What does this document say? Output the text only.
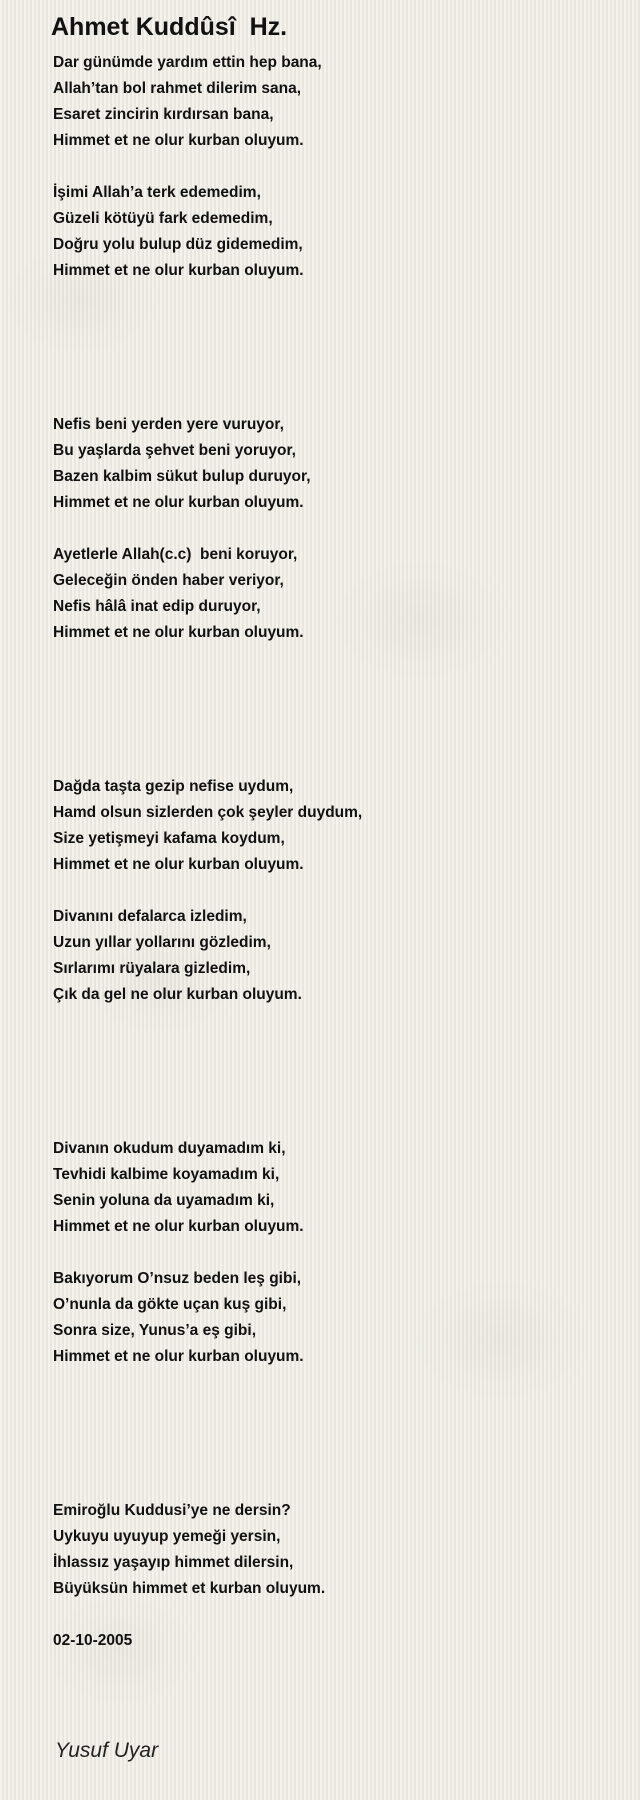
Ahmet Kuddûsî  Hz.
Dar günümde yardım ettin hep bana,
Allah’tan bol rahmet dilerim sana,
Esaret zincirin kırdırsan bana,
Himmet et ne olur kurban oluyum.
İşimi Allah’a terk edemedim,
Güzeli kötüyü fark edemedim,
Doğru yolu bulup düz gidemedim,
Himmet et ne olur kurban oluyum.
Nefis beni yerden yere vuruyor,
Bu yaşlarda şehvet beni yoruyor,
Bazen kalbim sükut bulup duruyor,
Himmet et ne olur kurban oluyum.
Ayetlerle Allah(c.c)  beni koruyor,
Geleceğin önden haber veriyor,
Nefis hâlâ inat edip duruyor,
Himmet et ne olur kurban oluyum.
Dağda taşta gezip nefise uydum,
Hamd olsun sizlerden çok şeyler duydum,
Size yetişmeyi kafama koydum,
Himmet et ne olur kurban oluyum.
Divanını defalarca izledim,
Uzun yıllar yollarını gözledim,
Sırlarımı rüyalara gizledim,
Çık da gel ne olur kurban oluyum.
Divanın okudum duyamadım ki,
Tevhidi kalbime koyamadım ki,
Senin yoluna da uyamadım ki,
Himmet et ne olur kurban oluyum.
Bakıyorum O’nsuz beden leş gibi,
O’nunla da gökte uçan kuş gibi,
Sonra size, Yunus’a eş gibi,
Himmet et ne olur kurban oluyum.
Emiroğlu Kuddusi’ye ne dersin?
Uykuyu uyuyup yemeği yersin,
İhlassız yaşayıp himmet dilersin,
Büyüksün himmet et kurban oluyum.
02-10-2005
Yusuf Uyar
